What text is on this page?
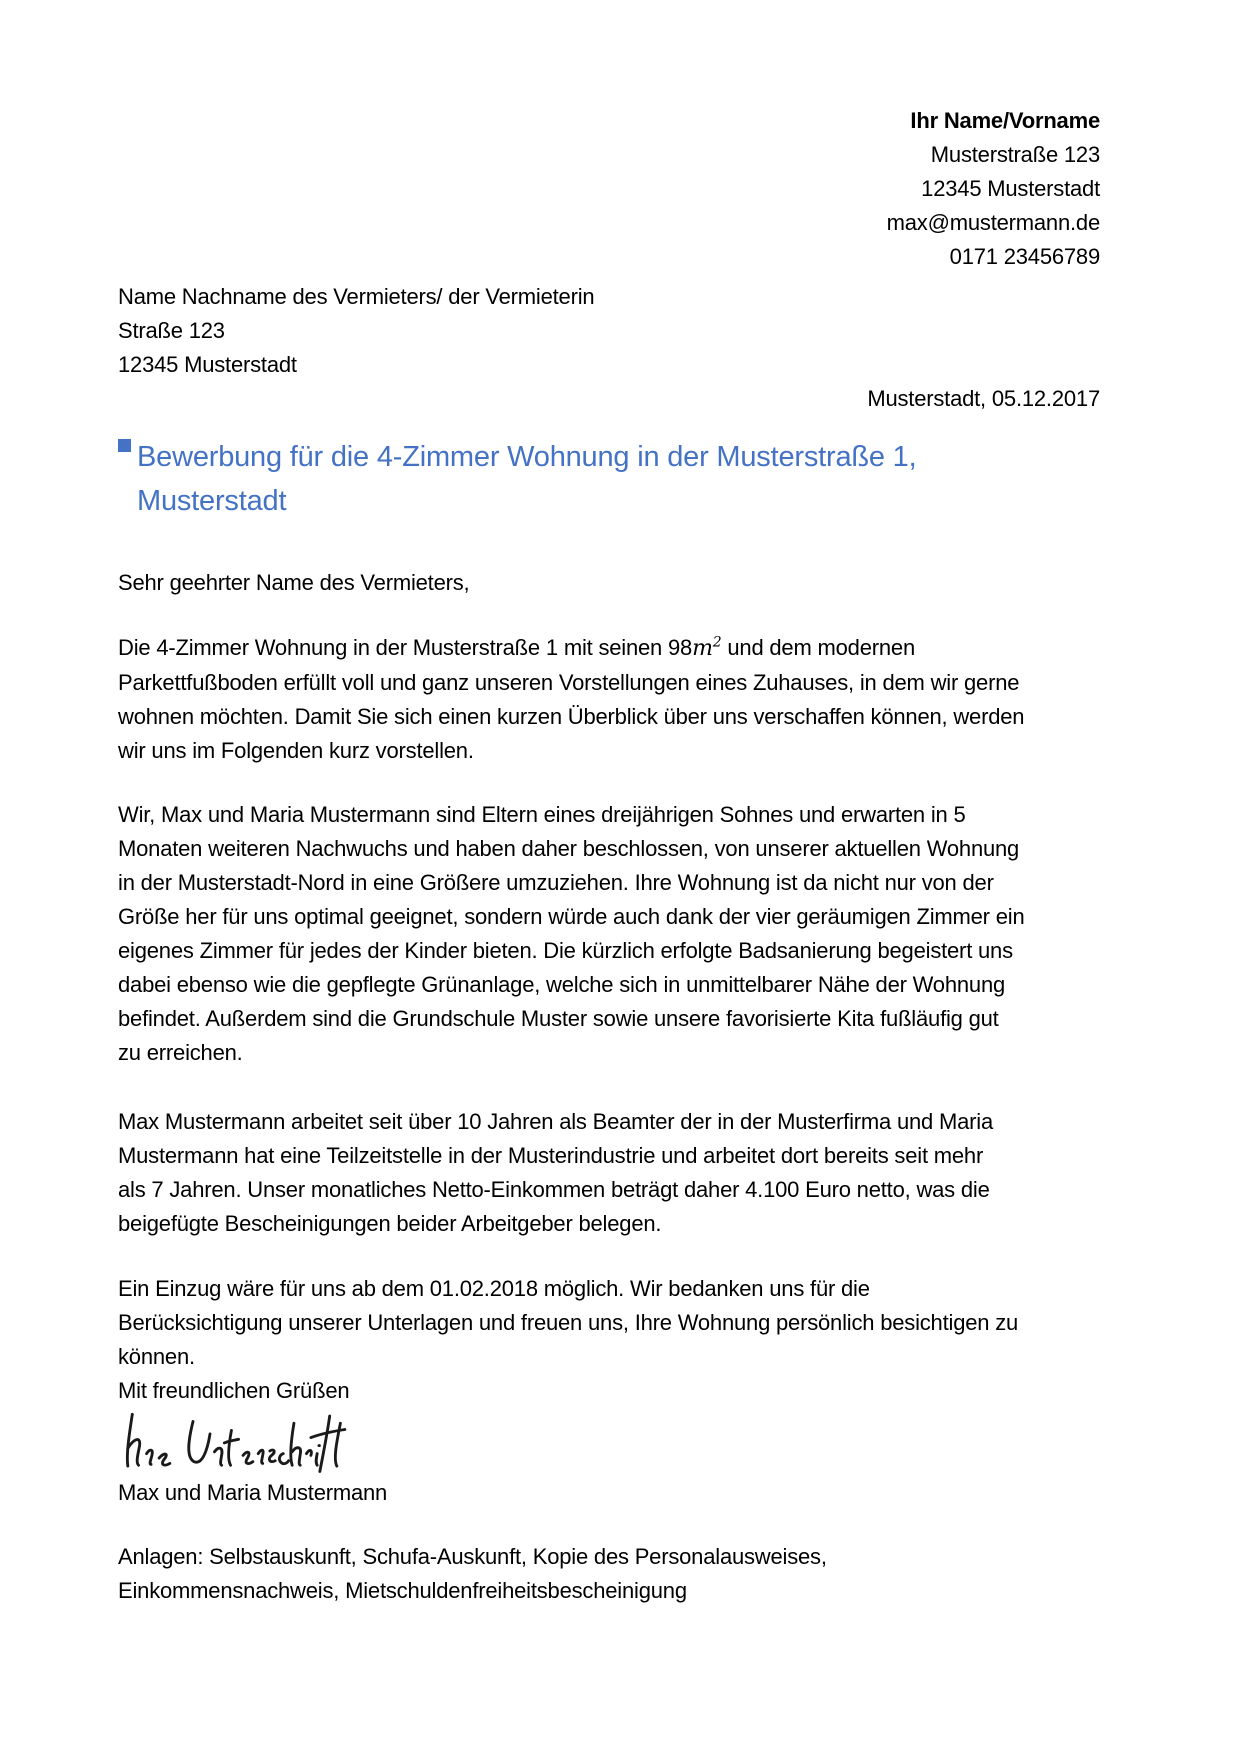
Ihr Name/Vorname
Musterstraße 123
12345 Musterstadt
max@mustermann.de
0171 23456789
Name Nachname des Vermieters/ der Vermieterin
Straße 123
12345 Musterstadt
Musterstadt, 05.12.2017
Bewerbung für die 4-Zimmer Wohnung in der Musterstraße 1,
Musterstadt
Sehr geehrter Name des Vermieters,
Die 4-Zimmer Wohnung in der Musterstraße 1 mit seinen $98m^2$ und dem modernen
Parkettfußboden erfüllt voll und ganz unseren Vorstellungen eines Zuhauses, in dem wir gerne
wohnen möchten. Damit Sie sich einen kurzen Überblick über uns verschaffen können, werden
wir uns im Folgenden kurz vorstellen.
Wir, Max und Maria Mustermann sind Eltern eines dreijährigen Sohnes und erwarten in 5
Monaten weiteren Nachwuchs und haben daher beschlossen, von unserer aktuellen Wohnung
in der Musterstadt-Nord in eine Größere umzuziehen. Ihre Wohnung ist da nicht nur von der
Größe her für uns optimal geeignet, sondern würde auch dank der vier geräumigen Zimmer ein
eigenes Zimmer für jedes der Kinder bieten. Die kürzlich erfolgte Badsanierung begeistert uns
dabei ebenso wie die gepflegte Grünanlage, welche sich in unmittelbarer Nähe der Wohnung
befindet. Außerdem sind die Grundschule Muster sowie unsere favorisierte Kita fußläufig gut
zu erreichen.
Max Mustermann arbeitet seit über 10 Jahren als Beamter der in der Musterfirma und Maria
Mustermann hat eine Teilzeitstelle in der Musterindustrie und arbeitet dort bereits seit mehr
als 7 Jahren. Unser monatliches Netto-Einkommen beträgt daher 4.100 Euro netto, was die
beigefügte Bescheinigungen beider Arbeitgeber belegen.
Ein Einzug wäre für uns ab dem 01.02.2018 möglich. Wir bedanken uns für die
Berücksichtigung unserer Unterlagen und freuen uns, Ihre Wohnung persönlich besichtigen zu
können.
Mit freundlichen Grüßen
Max und Maria Mustermann
Anlagen: Selbstauskunft, Schufa-Auskunft, Kopie des Personalausweises,
Einkommensnachweis, Mietschuldenfreiheitsbescheinigung
